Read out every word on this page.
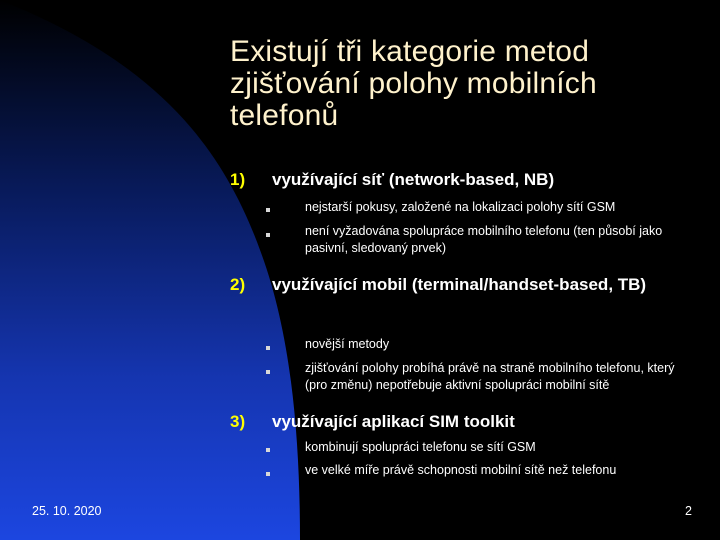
Existují tři kategorie metod zjišťování polohy mobilních telefonů
1) využívající síť (network-based, NB)
nejstarší pokusy, založené na lokalizaci polohy sítí GSM
není vyžadována spolupráce mobilního telefonu (ten působí jako pasivní, sledovaný prvek)
2) využívající mobil (terminal/handset-based, TB)
novější metody
zjišťování polohy probíhá právě na straně mobilního telefonu, který (pro změnu) nepotřebuje aktivní spolupráci mobilní sítě
3) využívající aplikací SIM toolkit
kombinují spolupráci telefonu se sítí GSM
ve velké míře právě schopnosti mobilní sítě než telefonu
25. 10. 2020	2
